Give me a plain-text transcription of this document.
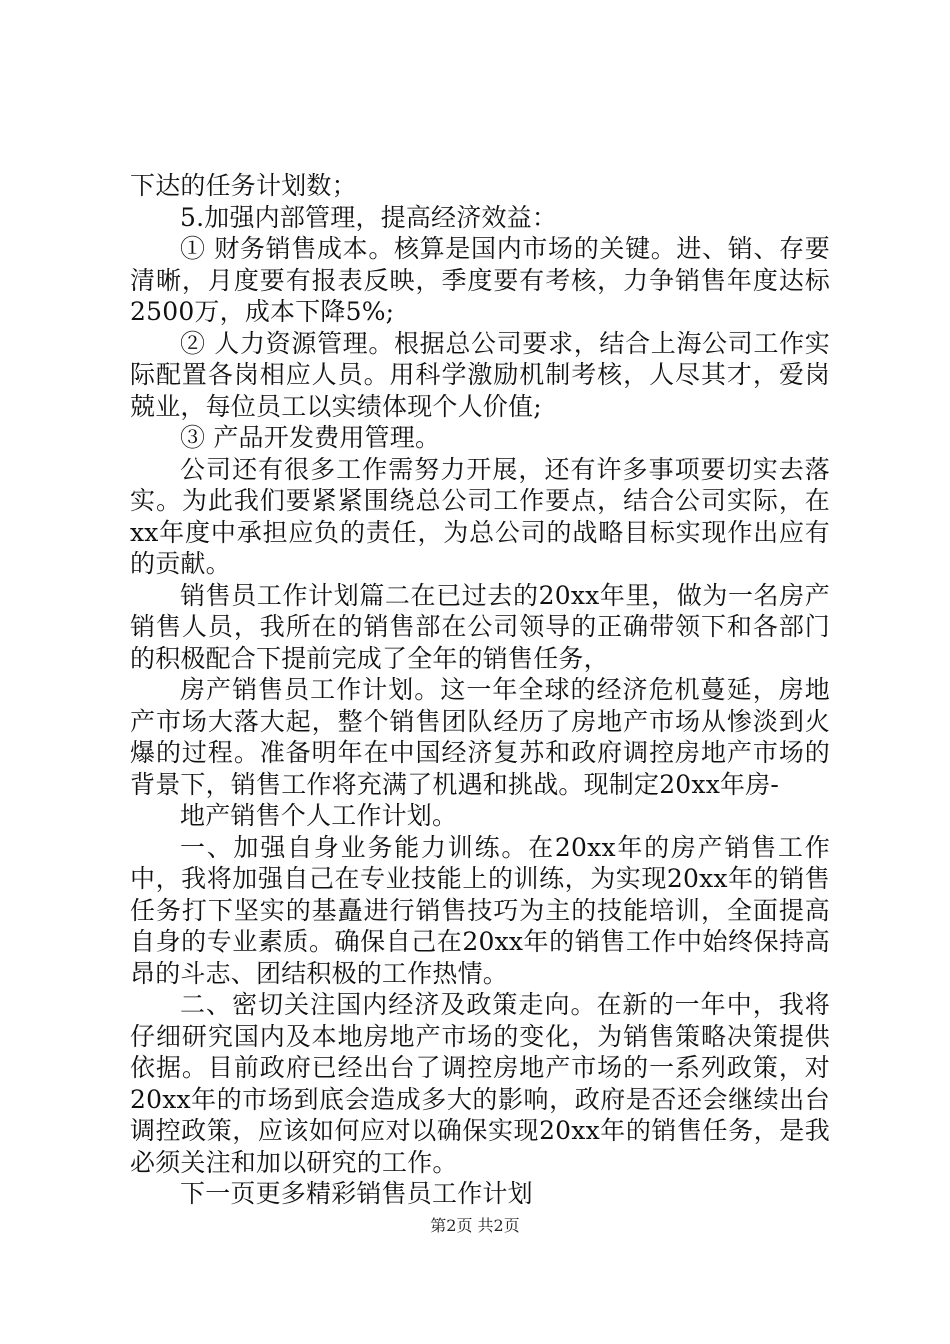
下达的任务计划数；

5.加强内部管理，提高经济效益：

① 财务销售成本。核算是国内市场的关键。进、销、存要清晰，月度要有报表反映，季度要有考核，力争销售年度达标2500万，成本下降5%;

② 人力资源管理。根据总公司要求，结合上海公司工作实际配置各岗相应人员。用科学激励机制考核，人尽其才，爱岗兢业，每位员工以实绩体现个人价值;

③ 产品开发费用管理。

公司还有很多工作需努力开展，还有许多事项要切实去落实。为此我们要紧紧围绕总公司工作要点，结合公司实际，在xx年度中承担应负的责任，为总公司的战略目标实现作出应有的贡献。

销售员工作计划篇二在已过去的20xx年里，做为一名房产销售人员，我所在的销售部在公司领导的正确带领下和各部门的积极配合下提前完成了全年的销售任务，

房产销售员工作计划。这一年全球的经济危机蔓延，房地产市场大落大起，整个销售团队经历了房地产市场从惨淡到火爆的过程。准备明年在中国经济复苏和政府调控房地产市场的背景下，销售工作将充满了机遇和挑战。现制定20xx年房-

地产销售个人工作计划。

一、加强自身业务能力训练。在20xx年的房产销售工作中，我将加强自己在专业技能上的训练，为实现20xx年的销售任务打下坚实的基矗进行销售技巧为主的技能培训，全面提高自身的专业素质。确保自己在20xx年的销售工作中始终保持高昂的斗志、团结积极的工作热情。

二、密切关注国内经济及政策走向。在新的一年中，我将仔细研究国内及本地房地产市场的变化，为销售策略决策提供依据。目前政府已经出台了调控房地产市场的一系列政策，对20xx年的市场到底会造成多大的影响，政府是否还会继续出台调控政策，应该如何应对以确保实现20xx年的销售任务，是我必须关注和加以研究的工作。

下一页更多精彩销售员工作计划

第2页 共2页
